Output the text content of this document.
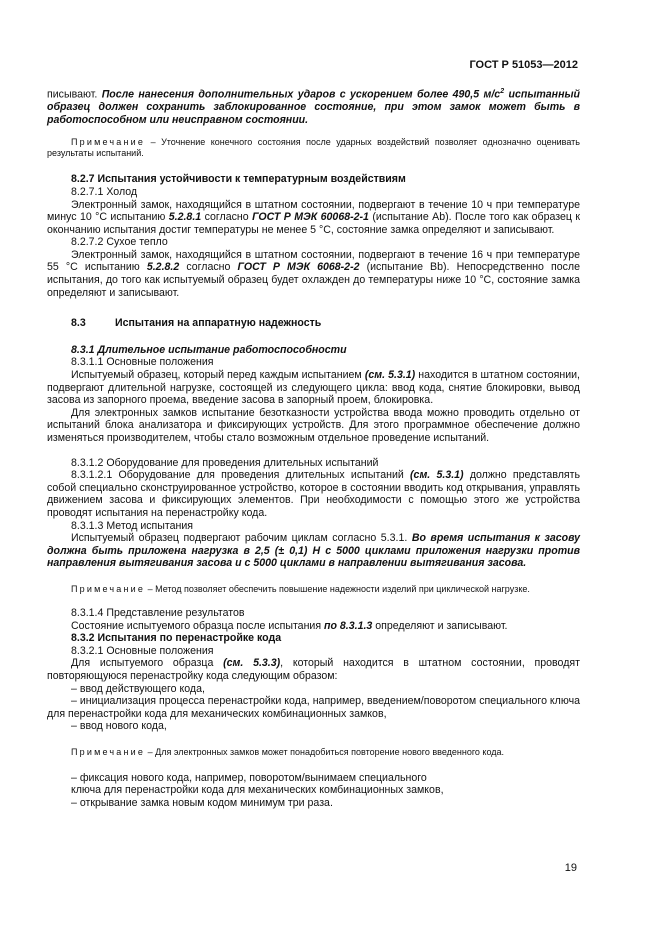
ГОСТ Р 51053—2012

писывают. После нанесения дополнительных ударов с ускорением более 490,5 $м/с^2$ испытанный образец должен сохранить заблокированное состояние, при этом замок может быть в работоспособном или неисправном состоянии.

Примечание – Уточнение конечного состояния после ударных воздействий позволяет однозначно оценивать результаты испытаний.

8.2.7 Испытания устойчивости к температурным воздействиям

8.2.7.1 Холод

Электронный замок, находящийся в штатном состоянии, подвергают в течение 10 ч при температуре минус 10 °С испытанию 5.2.8.1 согласно ГОСТ Р МЭК 60068-2-1 (испытание Ab). После того как образец к окончанию испытания достиг температуры не менее 5 °С, состояние замка определяют и записывают.

8.2.7.2 Сухое тепло

Электронный замок, находящийся в штатном состоянии, подвергают в течение 16 ч при температуре 55 °С испытанию 5.2.8.2 согласно ГОСТ Р МЭК 6068-2-2 (испытание Bb). Непосредственно после испытания, до того как испытуемый образец будет охлажден до температуры ниже 10 °С, состояние замка определяют и записывают.

8.3	Испытания на аппаратную надежность

8.3.1 Длительное испытание работоспособности

8.3.1.1 Основные положения

Испытуемый образец, который перед каждым испытанием (см. 5.3.1) находится в штатном состоянии, подвергают длительной нагрузке, состоящей из следующего цикла: ввод кода, снятие блокировки, вывод засова из запорного проема, введение засова в запорный проем, блокировка.

Для электронных замков испытание безотказности устройства ввода можно проводить отдельно от испытаний блока анализатора и фиксирующих устройств. Для этого программное обеспечение должно изменяться производителем, чтобы стало возможным отдельное проведение испытаний.

8.3.1.2 Оборудование для проведения длительных испытаний

8.3.1.2.1 Оборудование для проведения длительных испытаний (см. 5.3.1) должно представлять собой специально сконструированное устройство, которое в состоянии вводить код открывания, управлять движением засова и фиксирующих элементов. При необходимости с помощью этого же устройства проводят испытания на перенастройку кода.

8.3.1.3 Метод испытания

Испытуемый образец подвергают рабочим циклам согласно 5.3.1. Во время испытания к засову должна быть приложена нагрузка в 2,5 (± 0,1) Н с 5000 циклами приложения нагрузки против направления вытягивания засова и с 5000 циклами в направлении вытягивания засова.

Примечание – Метод позволяет обеспечить повышение надежности изделий при циклической нагрузке.

8.3.1.4 Представление результатов

Состояние испытуемого образца после испытания по 8.3.1.3 определяют и записывают.

8.3.2 Испытания по перенастройке кода

8.3.2.1 Основные положения

Для испытуемого образца (см. 5.3.3), который находится в штатном состоянии, проводят повторяющуюся перенастройку кода следующим образом:

– ввод действующего кода,

– инициализация процесса перенастройки кода, например, введением/поворотом специального ключа для перенастройки кода для механических комбинационных замков,

– ввод нового кода,

Примечание – Для электронных замков может понадобиться повторение нового введенного кода.

– фиксация нового кода, например, поворотом/вынимаем специального

ключа для перенастройки кода для механических комбинационных замков,

– открывание замка новым кодом минимум три раза.

19
